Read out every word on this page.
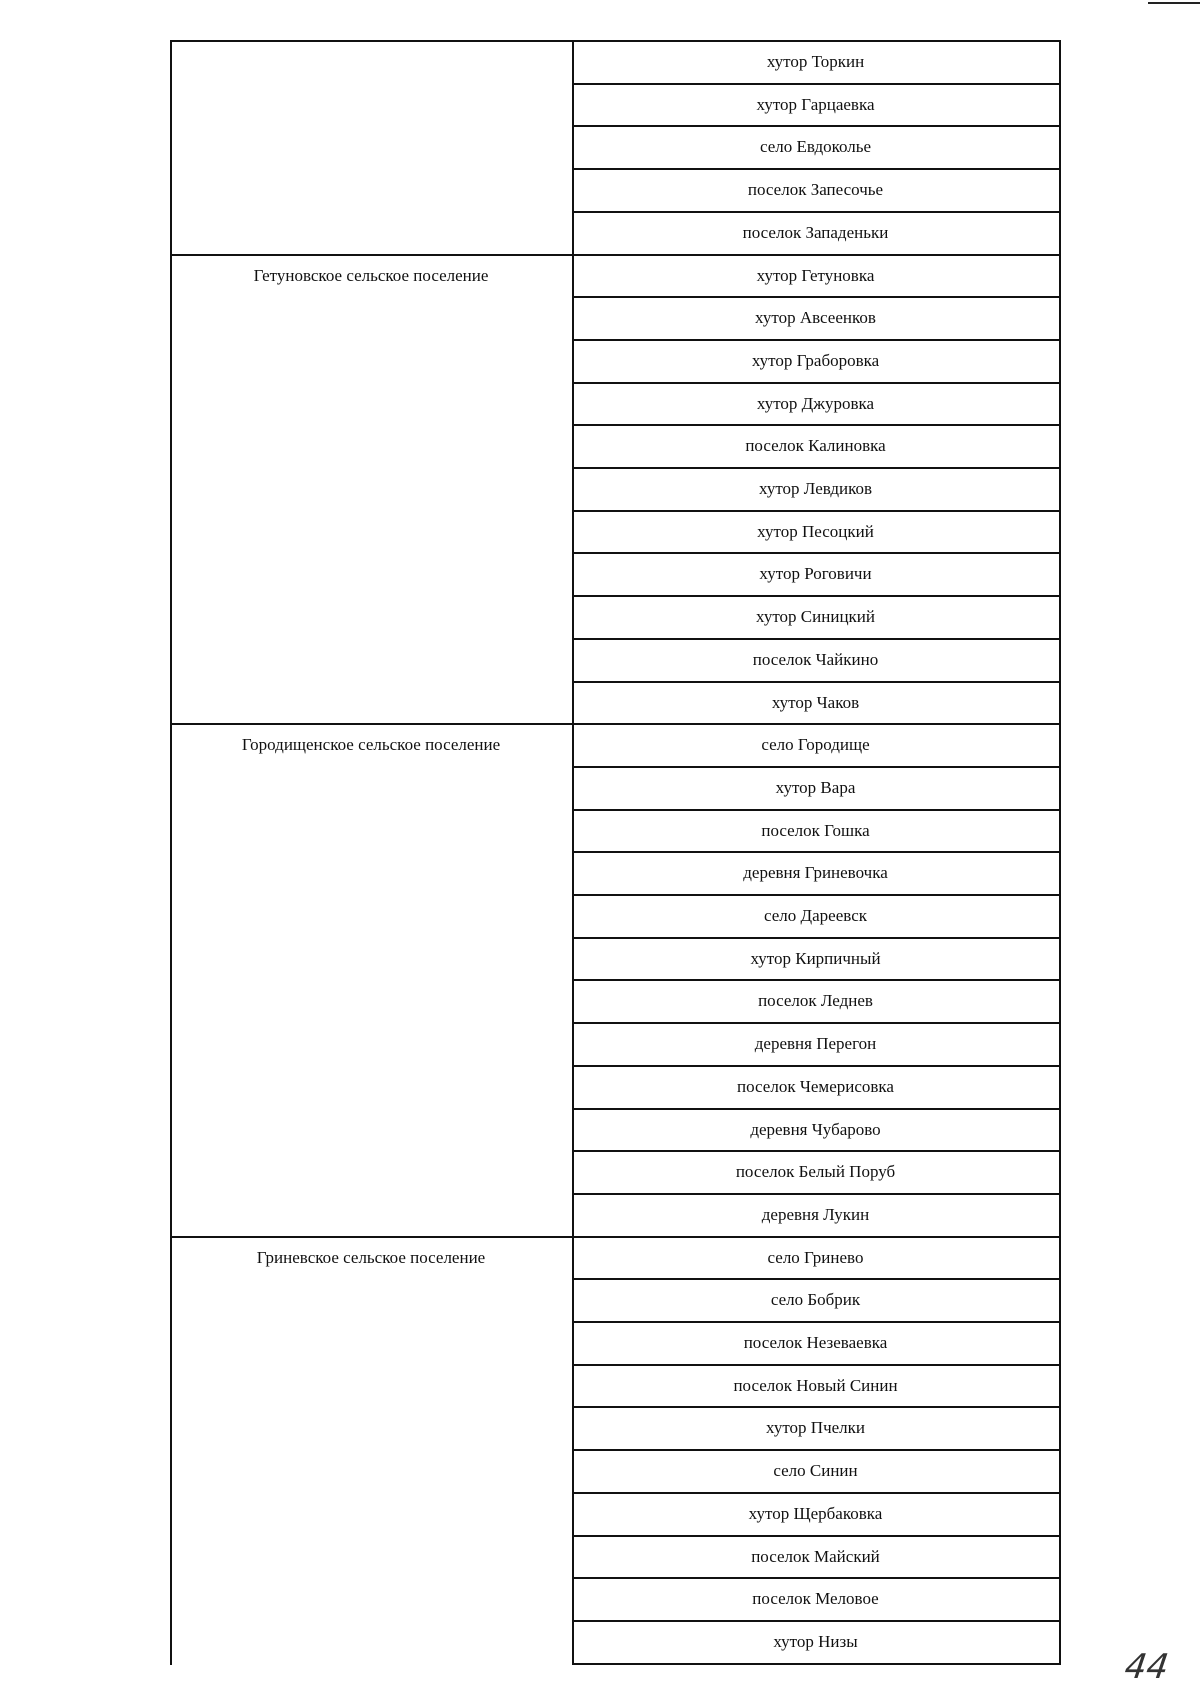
хутор Торкин
хутор Гарцаевка
село Евдоколье
поселок Запесочье
поселок Западеньки
Гетуновское сельское поселение	хутор Гетуновка
хутор Авсеенков
хутор Граборовка
хутор Джуровка
поселок Калиновка
хутор Левдиков
хутор Песоцкий
хутор Роговичи
хутор Синицкий
поселок Чайкино
хутор Чаков
Городищенское сельское поселение	село Городище
хутор Вара
поселок Гошка
деревня Гриневочка
село Дареевск
хутор Кирпичный
поселок Леднев
деревня Перегон
поселок Чемерисовка
деревня Чубарово
поселок Белый Поруб
деревня Лукин
Гриневское сельское поселение	село Гринево
село Бобрик
поселок Незеваевка
поселок Новый Синин
хутор Пчелки
село Синин
хутор Щербаковка
поселок Майский
поселок Меловое
хутор Низы
44
